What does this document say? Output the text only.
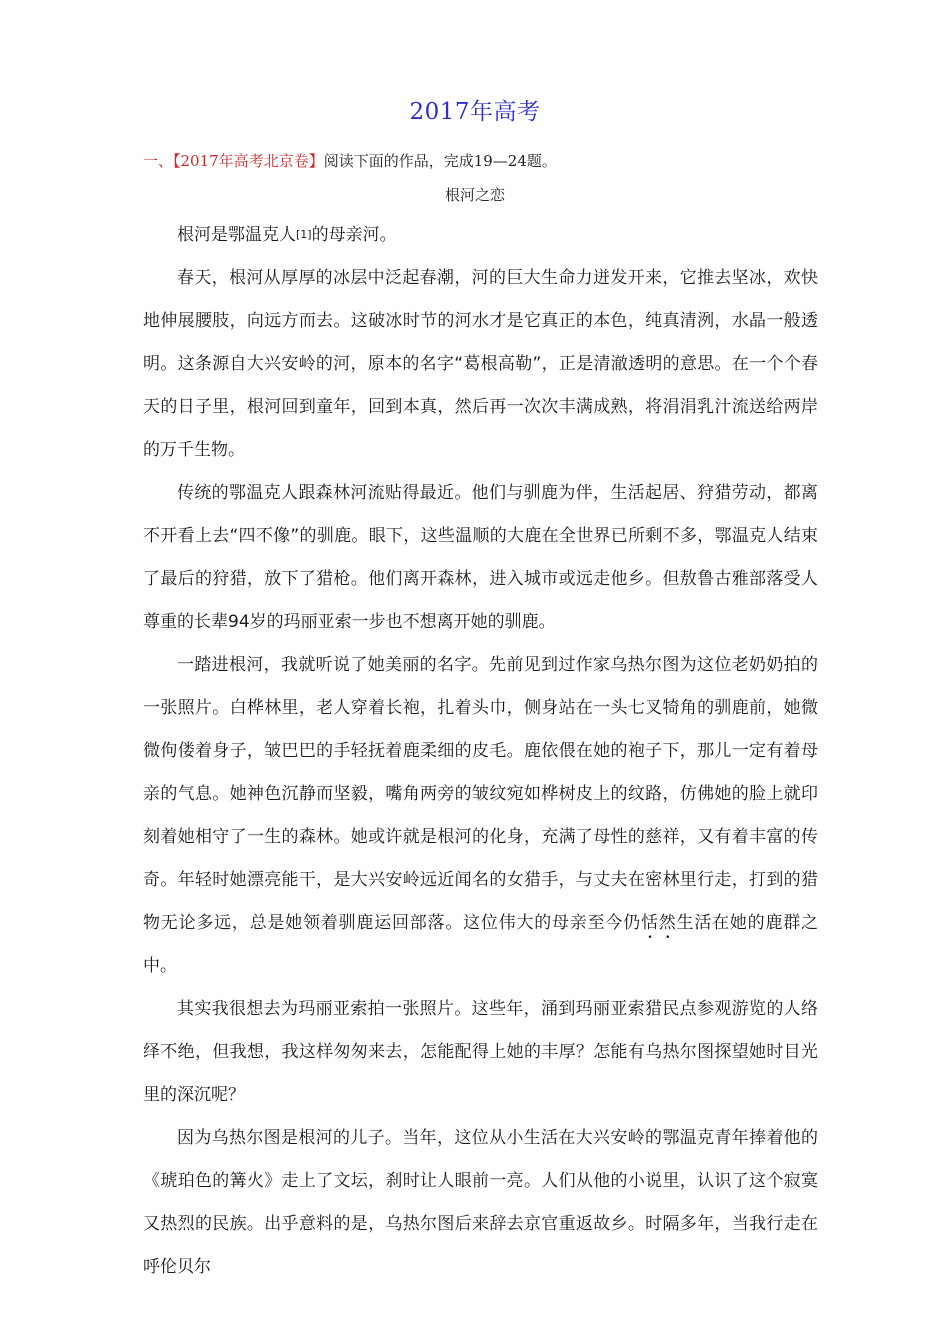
2017年高考
一、【2017年高考北京卷】阅读下面的作品，完成19—24题。
根河之恋

根河是鄂温克人[1]的母亲河。

春天，根河从厚厚的冰层中泛起春潮，河的巨大生命力迸发开来，它推去坚冰，欢快地伸展腰肢，向远方而去。这破冰时节的河水才是它真正的本色，纯真清洌，水晶一般透明。这条源自大兴安岭的河，原本的名字“葛根高勒”，正是清澈透明的意思。在一个个春天的日子里，根河回到童年，回到本真，然后再一次次丰满成熟，将涓涓乳汁流送给两岸的万千生物。

传统的鄂温克人跟森林河流贴得最近。他们与驯鹿为伴，生活起居、狩猎劳动，都离不开看上去“四不像”的驯鹿。眼下，这些温顺的大鹿在全世界已所剩不多，鄂温克人结束了最后的狩猎，放下了猎枪。他们离开森林，进入城市或远走他乡。但敖鲁古雅部落受人尊重的长辈94岁的玛丽亚索一步也不想离开她的驯鹿。

一踏进根河，我就听说了她美丽的名字。先前见到过作家乌热尔图为这位老奶奶拍的一张照片。白桦林里，老人穿着长袍，扎着头巾，侧身站在一头七叉犄角的驯鹿前，她微微佝偻着身子，皱巴巴的手轻抚着鹿柔细的皮毛。鹿依偎在她的袍子下，那儿一定有着母亲的气息。她神色沉静而坚毅，嘴角两旁的皱纹宛如桦树皮上的纹路，仿佛她的脸上就印刻着她相守了一生的森林。她或许就是根河的化身，充满了母性的慈祥，又有着丰富的传奇。年轻时她漂亮能干，是大兴安岭远近闻名的女猎手，与丈夫在密林里行走，打到的猎物无论多远，总是她领着驯鹿运回部落。这位伟大的母亲至今仍恬然生活在她的鹿群之中。

其实我很想去为玛丽亚索拍一张照片。这些年，涌到玛丽亚索猎民点参观游览的人络绎不绝，但我想，我这样匆匆来去，怎能配得上她的丰厚？怎能有乌热尔图探望她时目光里的深沉呢？

因为乌热尔图是根河的儿子。当年，这位从小生活在大兴安岭的鄂温克青年捧着他的《琥珀色的篝火》走上了文坛，刹时让人眼前一亮。人们从他的小说里，认识了这个寂寞又热烈的民族。出乎意料的是，乌热尔图后来辞去京官重返故乡。时隔多年，当我行走在呼伦贝尔
